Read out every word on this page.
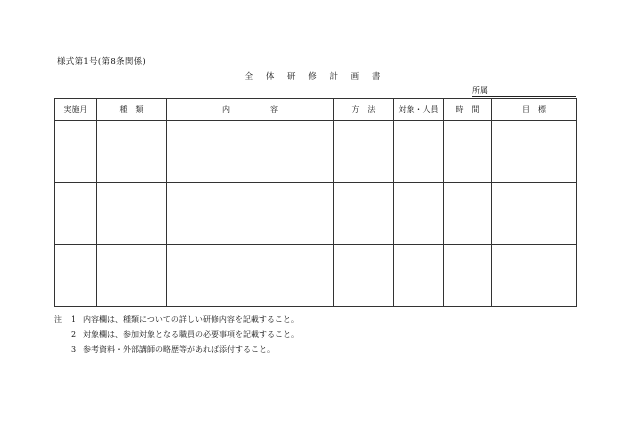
様式第1号(第8条関係)
全 体 研 修 計 画 書
所属
実施月	種　類	内　　　　　容	方　法	対象・人員	時　間	目　標

注	1 内容欄は、種類についての詳しい研修内容を記載すること。
2 対象欄は、参加対象となる職員の必要事項を記載すること。
3 参考資料・外部講師の略歴等があれば添付すること。
